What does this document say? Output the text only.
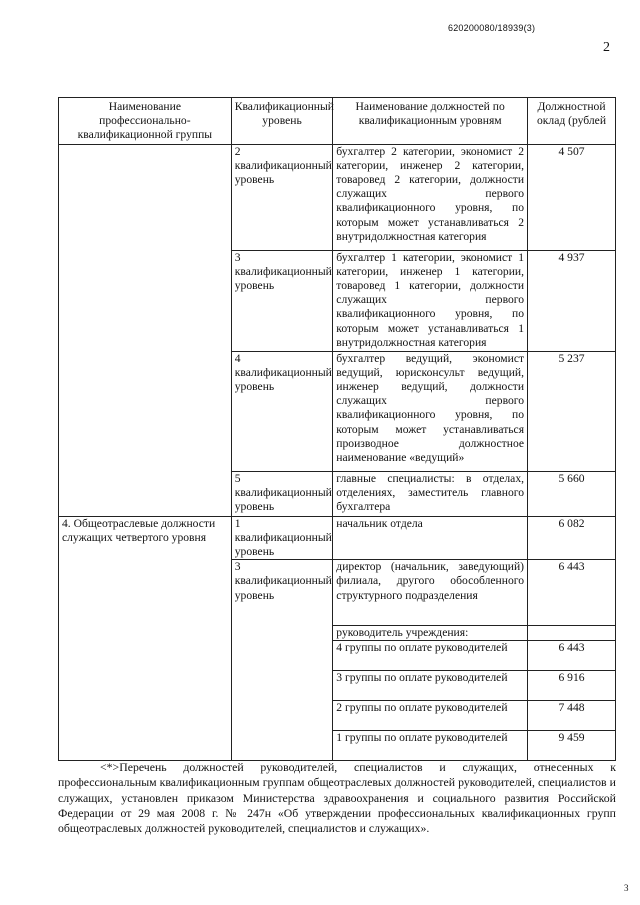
620200080/18939(3)
2
Наименование профессионально-квалификационной группы	Квалификационный уровень	Наименование должностей по квалификационным уровням	Должностной оклад (рублей
	2 квалификационный уровень	бухгалтер 2 категории, экономист 2 категории, инженер 2 категории, товаровед 2 категории, должности служащих первого квалификационного уровня, по которым может устанавливаться 2 внутридолжностная категория	4 507
	3 квалификационный уровень	бухгалтер 1 категории, экономист 1 категории, инженер 1 категории, товаровед 1 категории, должности служащих первого квалификационного уровня, по которым может устанавливаться 1 внутридолжностная категория	4 937
	4 квалификационный уровень	бухгалтер ведущий, экономист ведущий, юрисконсульт ведущий, инженер ведущий, должности служащих первого квалификационного уровня, по которым может устанавливаться производное должностное наименование «ведущий»	5 237
	5 квалификационный уровень	главные специалисты: в отделах, отделениях, заместитель главного бухгалтера	5 660
4. Общеотраслевые должности служащих четвертого уровня	1 квалификационный уровень	начальник отдела	6 082
	3 квалификационный уровень	директор (начальник, заведующий) филиала, другого обособленного структурного подразделения	6 443
		руководитель учреждения:	
		4 группы по оплате руководителей	6 443
		3 группы по оплате руководителей	6 916
		2 группы по оплате руководителей	7 448
		1 группы по оплате руководителей	9 459

<*>Перечень должностей руководителей, специалистов и служащих, отнесенных к профессиональным квалификационным группам общеотраслевых должностей руководителей, специалистов и служащих, установлен приказом Министерства здравоохранения и социального развития Российской Федерации от 29 мая 2008 г. № 247н «Об утверждении профессиональных квалификационных групп общеотраслевых должностей руководителей, специалистов и служащих».

3
